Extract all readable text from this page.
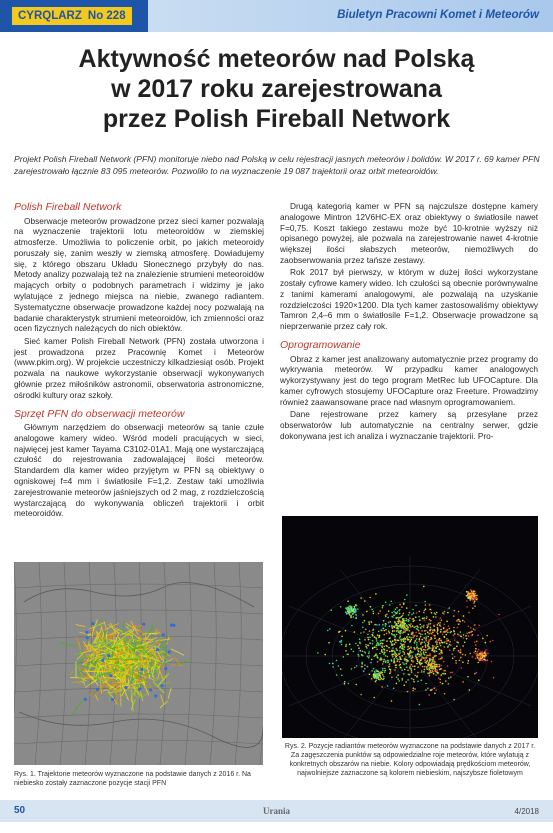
CYRQLARZ No 228	Biuletyn Pracowni Komet i Meteorów
Aktywność meteorów nad Polską
w 2017 roku zarejestrowana
przez Polish Fireball Network

Projekt Polish Fireball Network (PFN) monitoruje niebo nad Polską w celu rejestracji jasnych meteorów i bolidów. W 2017 r. 69 kamer PFN zarejestrowało łącznie 83 095 meteorów. Pozwoliło to na wyznaczenie 19 087 trajektorii oraz orbit meteoroidów.

Polish Fireball Network

Obserwacje meteorów prowadzone przez sieci kamer pozwalają na wyznaczenie trajektorii lotu meteoroidów w ziemskiej atmosferze. Umożliwia to policzenie orbit, po jakich meteoroidy poruszały się, zanim weszły w ziemską atmosferę. Dowiadujemy się, z którego obszaru Układu Słonecznego przybyły do nas. Metody analizy pozwalają też na znalezienie strumieni meteoroidów mających orbity o podobnych parametrach i widzimy je jako wylatujące z jednego miejsca na niebie, zwanego radiantem. Systematyczne obserwacje prowadzone każdej nocy pozwalają na badanie charakterystyk strumieni meteoroidów, ich zmienności oraz ocen fizycznych należących do nich obiektów.

Sieć kamer Polish Fireball Network (PFN) została utworzona i jest prowadzona przez Pracownię Komet i Meteorów (www.pkim.org). W projekcie uczestniczy kilkadziesiąt osób. Projekt pozwala na naukowe wykorzystanie obserwacji wykonywanych głównie przez miłośników astronomii, obserwatoria astronomiczne, ośrodki kultury oraz szkoły.

Sprzęt PFN do obserwacji meteorów

Głównym narzędziem do obserwacji meteorów są tanie czułe analogowe kamery wideo. Wśród modeli pracujących w sieci, najwięcej jest kamer Tayama C3102-01A1. Mają one wystarczającą czułość do rejestrowania zadowalającej ilości meteorów. Standardem dla kamer wideo przyjętym w PFN są obiektywy o ogniskowej f=4 mm i światłosile F=1,2. Zestaw taki umożliwia zarejestrowanie meteorów jaśniejszych od 2 mag, z rozdzielczością wystarczającą do wykonywania obliczeń trajektorii i orbit meteoroidów.

Drugą kategorią kamer w PFN są najczulsze dostępne kamery analogowe Mintron 12V6HC-EX oraz obiektywy o światłosile nawet F=0,75. Koszt takiego zestawu może być 10-krotnie wyższy niż opisanego powyżej, ale pozwala na zarejestrowanie nawet 4-krotnie większej ilości słabszych meteorów, niemożliwych do zaobserwowania przez tańsze zestawy.

Rok 2017 był pierwszy, w którym w dużej ilości wykorzystane zostały cyfrowe kamery wideo. Ich czułości są obecnie porównywalne z tanimi kamerami analogowymi, ale pozwalają na uzyskanie rozdzielczości 1920×1200. Dla tych kamer zastosowaliśmy obiektywy Tamron 2,4–6 mm o światłosile F=1,2. Obserwacje prowadzone są nieprzerwanie przez cały rok.

Oprogramowanie

Obraz z kamer jest analizowany automatycznie przez programy do wykrywania meteorów. W przypadku kamer analogowych wykorzystywany jest do tego program MetRec lub UFOCapture. Dla kamer cyfrowych stosujemy UFOCapture oraz Freeture. Prowadzimy również zaawansowane prace nad własnym oprogramowaniem.

Dane rejestrowane przez kamery są przesyłane przez obserwatorów lub automatycznie na centralny serwer, gdzie dokonywana jest ich analiza i wyznaczanie trajektorii. Pro-

Rys. 1. Trajektorie meteorów wyznaczone na podstawie danych z 2016 r. Na niebiesko zostały zaznaczone pozycje stacji PFN

Rys. 2. Pozycje radiantów meteorów wyznaczone na podstawie danych z 2017 r. Za zagęszczenia punktów są odpowiedzialne roje meteorów, które wylatują z konkretnych obszarów na niebie. Kolory odpowiadają prędkościom meteorów, najwolniejsze zaznaczone są kolorem niebieskim, najszybsze fioletowym

50	Urania	4/2018
